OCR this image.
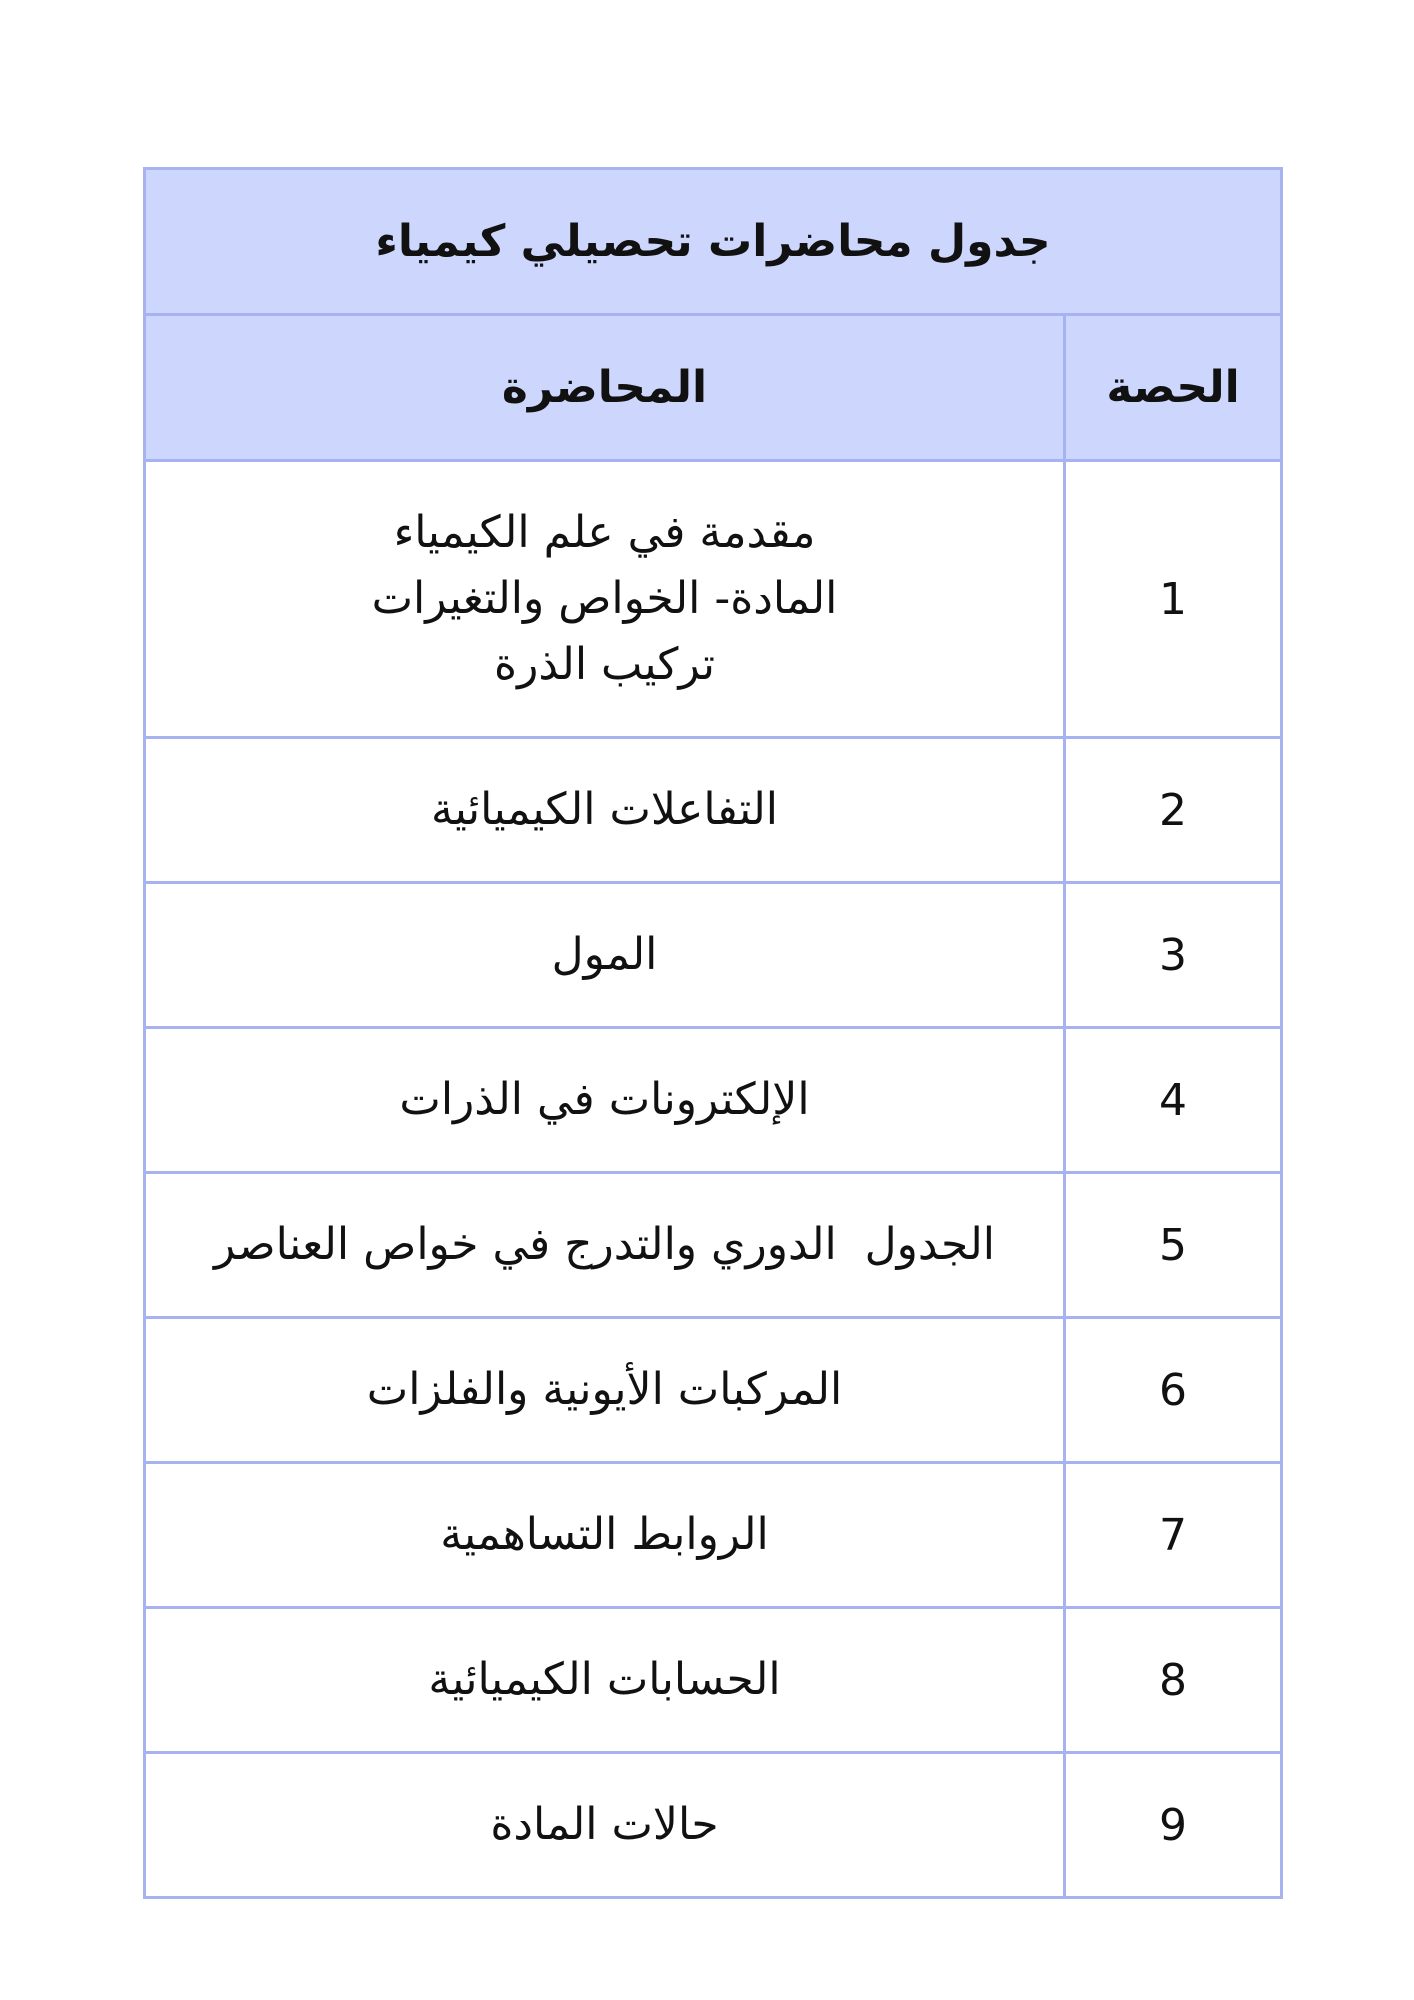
جدول محاضرات تحصيلي كيمياء	
الحصة	المحاضرة
1	مقدمة في علم الكيمياء
المادة- الخواص والتغيرات
تركيب الذرة

2	التفاعلات الكيميائية
3	المول
4	الإلكترونات في الذرات
5	الجدول  الدوري والتدرج في خواص العناصر
6	المركبات الأيونية والفلزات
7	الروابط التساهمية
8	الحسابات الكيميائية
9	حالات المادة
